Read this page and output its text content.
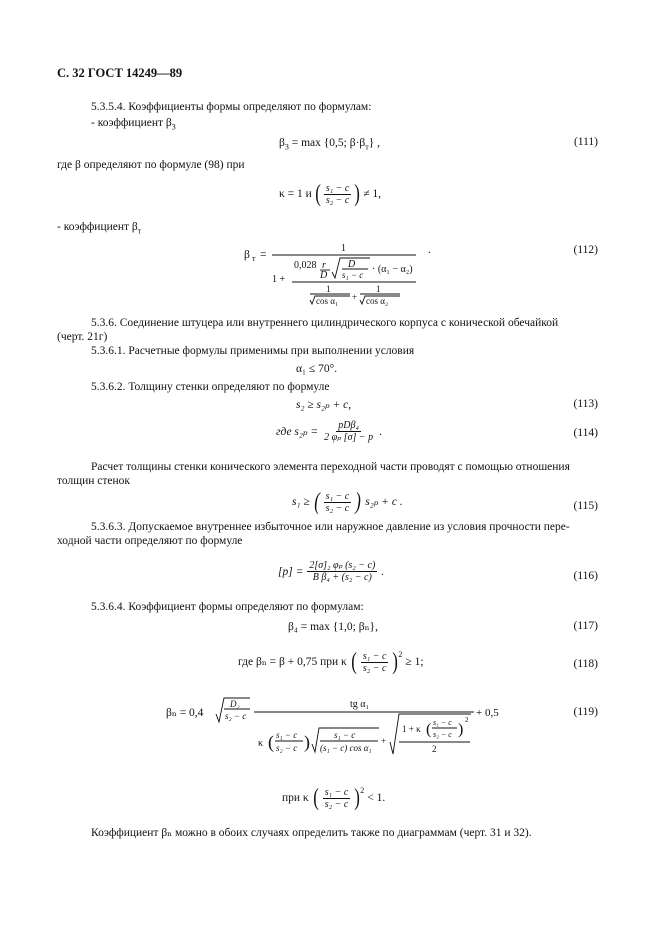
С. 32 ГОСТ 14249—89
5.3.5.4. Коэффициенты формы определяют по формулам:
- коэффициент $\beta_3$
$\beta_3 = \max \{0,5$; $\beta\cdot\beta_т$} ,	(111)
где β определяют по формуле (98) при
κ = 1 и ( $\frac{\text{s₁ − c}}{\text{s₂ − c}}$ ) ≠ 1,
- коэффициент $\beta_т$
β т =
1
1 +
0,028 r
D
D
s₁ − c · (α₁ − α₂)
1
cos α₁ +
1
cos α₂
.	(112)
5.3.6. Соединение штуцера или внутреннего цилиндрического корпуса с конической обечайкой
(черт. 21г)
5.3.6.1. Расчетные формулы применимы при выполнении условия
α₁ ≤ 70°.
5.3.6.2. Толщину стенки определяют по формуле
s₂ ≥ s₂ₚ + c,	(113)
где $s_{2p} = \frac{\text{pDβ₄}}{\text{2 φₚ [σ] − p}}$ .	(114)
Расчет толщины стенки конического элемента переходной части проводят с помощью отношения
толщин стенок
s₁ ≥ ( $\frac{\text{s₁ − c}}{\text{s₂ − c}}$ ) s₂ₚ + c .	(115)
5.3.6.3. Допускаемое внутреннее избыточное или наружное давление из условия прочности пере-
ходной части определяют по формуле
$[p] = \frac{\text{2[σ]₂ φₚ (s₂ − c)}}{\text{B β₄ + (s₂ − c)}}$ .	(116)
5.3.6.4. Коэффициент формы определяют по формулам:
β₄ = max {1,0; βₙ},	(117)
где βₙ = β + 0,75 при κ ( $\frac{\text{s₁ − c}}{\text{s₂ − c}} )^2$
≥ 1;	(118)
βₙ = 0,4
D₂
s₂ − c
tg α₁
κ ( s₁ − c
s₂ − c )	s₁ − c
(s₁ − c) cos α₁
+
1 + κ ( s₁ − c
s₂ − c )
2
2
+ 0,5	(119)
при κ ( $\frac{\text{s₁ − c}}{\text{s₂ − c}} )^2$
< 1.
Коэффициент βₙ можно в обоих случаях определить также по диаграммам (черт. 31 и 32).
